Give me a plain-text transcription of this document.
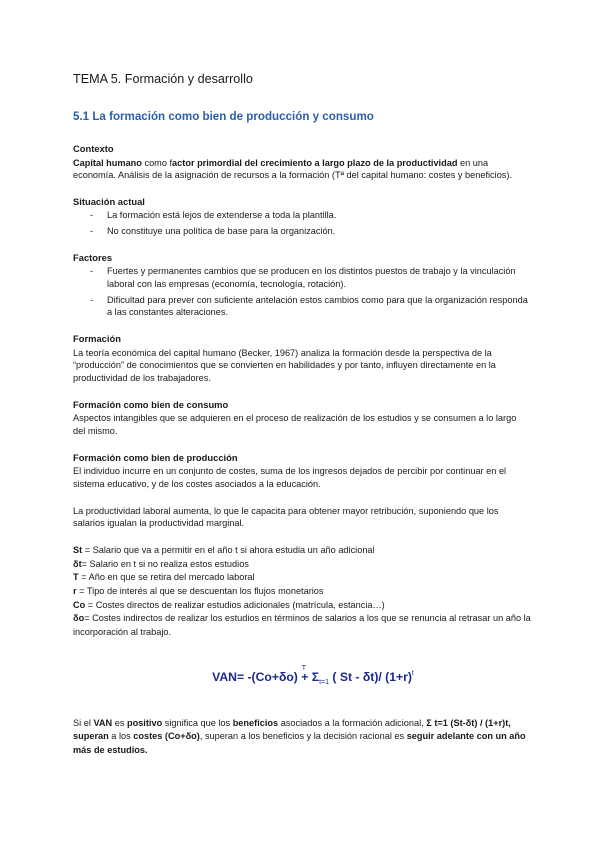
TEMA 5. Formación y desarrollo
5.1 La formación como bien de producción y consumo
Contexto

Capital humano como factor primordial del crecimiento a largo plazo de la productividad en una economía. Análisis de la asignación de recursos a la formación (Tª del capital humano: costes y beneficios).

Situación actual
- La formación está lejos de extenderse a toda la plantilla.
- No constituye una política de base para la organización.
Factores
- Fuertes y permanentes cambios que se producen en los distintos puestos de trabajo y la vinculación laboral con las empresas (economía, tecnología, rotación).
- Dificultad para prever con suficiente antelación estos cambios como para que la organización responda a las constantes alteraciones.
Formación

La teoría económica del capital humano (Becker, 1967) analiza la formación desde la perspectiva de la “producción” de conocimientos que se convierten en habilidades y por tanto, influyen directamente en la productividad de los trabajadores.

Formación como bien de consumo

Aspectos intangibles que se adquieren en el proceso de realización de los estudios y se consumen a lo largo del mismo.

Formación como bien de producción

El individuo incurre en un conjunto de costes, suma de los ingresos dejados de percibir por continuar en el sistema educativo, y de los costes asociados a la educación.

La productividad laboral aumenta, lo que le capacita para obtener mayor retribución, suponiendo que los salarios igualan la productividad marginal.

St = Salario que va a permitir en el año t si ahora estudia un año adicional

δt= Salario en t si no realiza estos estudios

T = Año en que se retira del mercado laboral

r = Tipo de interés al que se descuentan los flujos monetarios

Co = Costes directos de realizar estudios adicionales (matrícula, estancia…)

δo= Costes indirectos de realizar los estudios en términos de salarios a los que se renuncia al retrasar un año la incorporación al trabajo.

VAN= -(Co+δo) + Σ
T
$_{t=1}$ ( St - δt)/ $(1+r)^t$

Si el VAN es positivo significa que los beneficios asociados a la formación adicional, Σ t=1 (St-δt) / (1+r)t, superan a los costes (Co+δo), superan a los beneficios y la decisión racional es seguir adelante con un año más de estudios.
